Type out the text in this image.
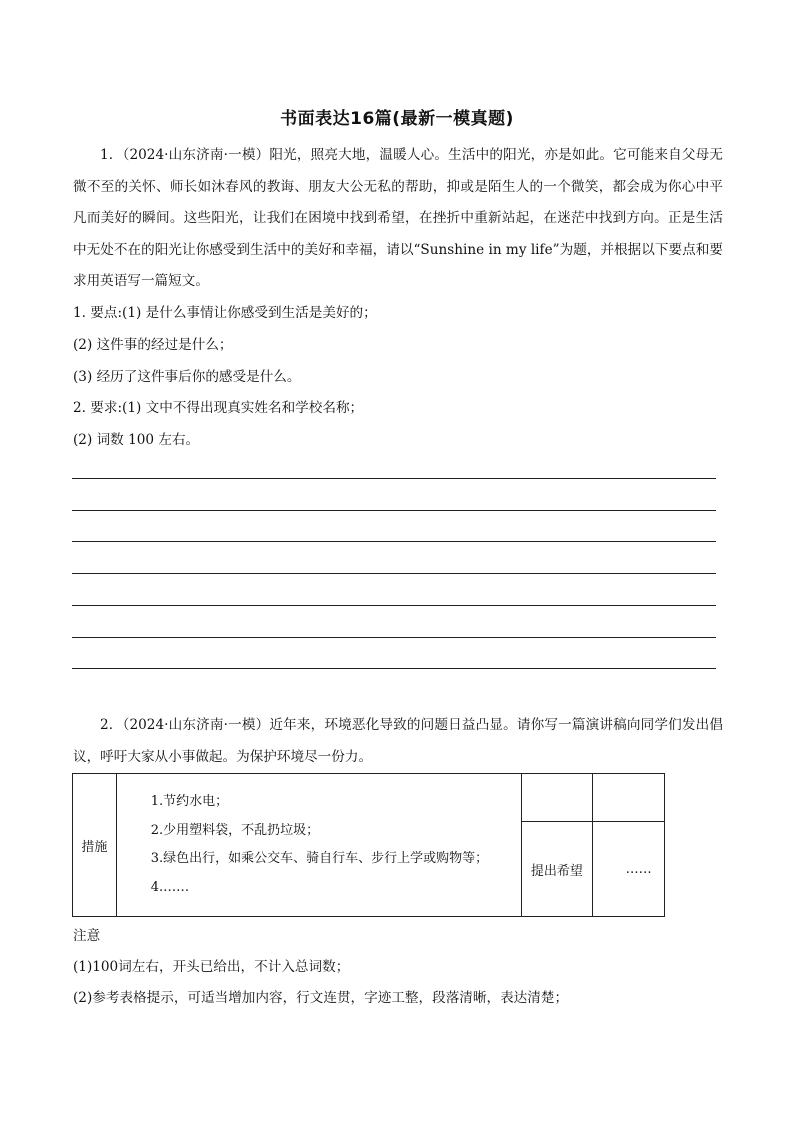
书面表达16篇(最新一模真题)
1．（2024·山东济南·一模）阳光，照亮大地，温暖人心。生活中的阳光，亦是如此。它可能来自父母无微不至的关怀、师长如沐春风的教诲、朋友大公无私的帮助，抑或是陌生人的一个微笑，都会成为你心中平凡而美好的瞬间。这些阳光，让我们在困境中找到希望，在挫折中重新站起，在迷茫中找到方向。正是生活中无处不在的阳光让你感受到生活中的美好和幸福，请以“Sunshine in my life”为题，并根据以下要点和要求用英语写一篇短文。
1. 要点:(1) 是什么事情让你感受到生活是美好的；
(2) 这件事的经过是什么；
(3) 经历了这件事后你的感受是什么。
2. 要求:(1) 文中不得出现真实姓名和学校名称；
(2) 词数 100 左右。
2．（2024·山东济南·一模）近年来，环境恶化导致的问题日益凸显。请你写一篇演讲稿向同学们发出倡议，呼吁大家从小事做起。为保护环境尽一份力。
措施	1.节约水电；
2.少用塑料袋，不乱扔垃圾；
3.绿色出行，如乘公交车、骑自行车、步行上学或购物等；
4.……		

		提出希望	……
注意
(1)100词左右，开头已给出，不计入总词数；
(2)参考表格提示，可适当增加内容，行文连贯，字迹工整，段落清晰，表达清楚；
